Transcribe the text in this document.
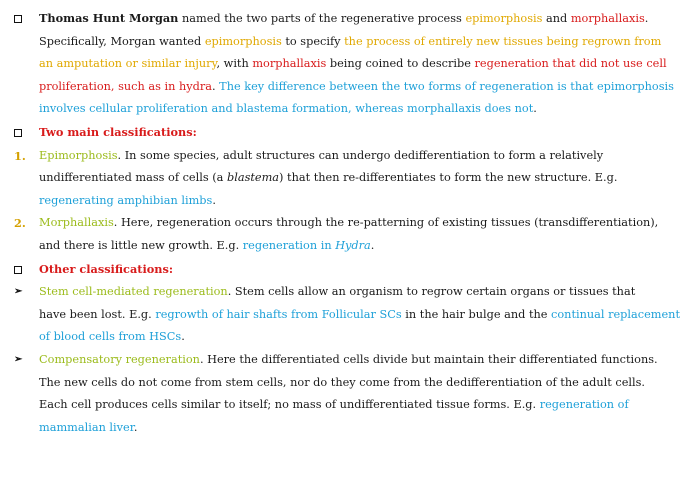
Thomas Hunt Morgan named the two parts of the regenerative process epimorphosis and morphallaxis.
Specifically, Morgan wanted epimorphosis to specify the process of entirely new tissues being regrown from
an amputation or similar injury, with morphallaxis being coined to describe regeneration that did not use cell
proliferation, such as in hydra. The key difference between the two forms of regeneration is that epimorphosis
involves cellular proliferation and blastema formation, whereas morphallaxis does not.
Two main classifications:
1. Epimorphosis. In some species, adult structures can undergo dedifferentiation to form a relatively
undifferentiated mass of cells (a blastema) that then re-differentiates to form the new structure. E.g.
regenerating amphibian limbs.
2. Morphallaxis. Here, regeneration occurs through the re-patterning of existing tissues (transdifferentiation),
and there is little new growth. E.g. regeneration in Hydra.
Other classifications:
➢ Stem cell-mediated regeneration. Stem cells allow an organism to regrow certain organs or tissues that
have been lost. E.g. regrowth of hair shafts from Follicular SCs in the hair bulge and the continual replacement
of blood cells from HSCs.
➢ Compensatory regeneration. Here the differentiated cells divide but maintain their differentiated functions.
The new cells do not come from stem cells, nor do they come from the dedifferentiation of the adult cells.
Each cell produces cells similar to itself; no mass of undifferentiated tissue forms. E.g. regeneration of
mammalian liver.
